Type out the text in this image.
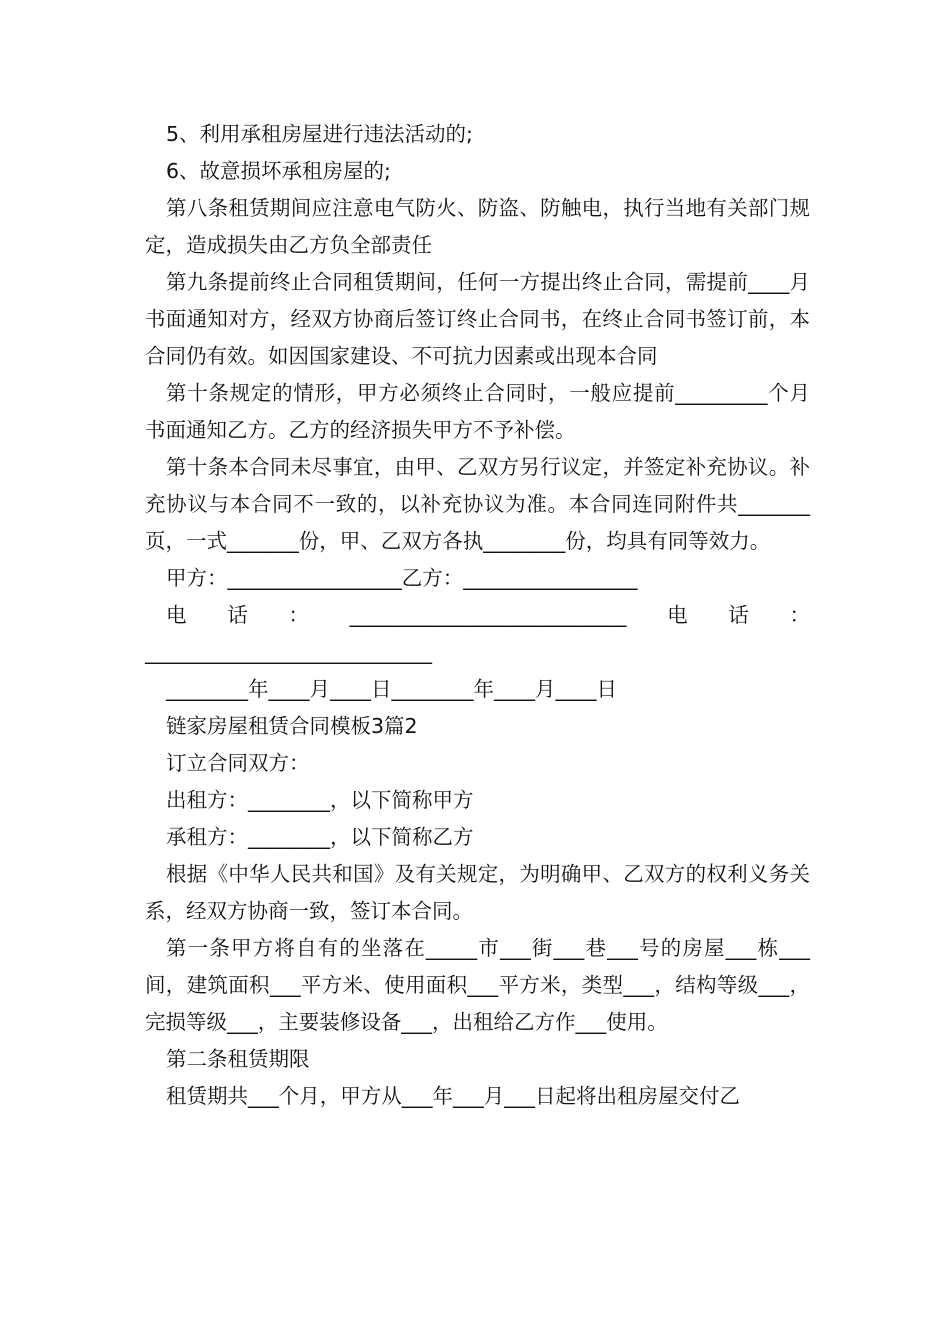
5、利用承租房屋进行违法活动的;

6、故意损坏承租房屋的;

第八条租赁期间应注意电气防火、防盗、防触电，执行当地有关部门规定，造成损失由乙方负全部责任

第九条提前终止合同租赁期间，任何一方提出终止合同，需提前____月书面通知对方，经双方协商后签订终止合同书，在终止合同书签订前，本合同仍有效。如因国家建设、不可抗力因素或出现本合同

第十条规定的情形，甲方必须终止合同时，一般应提前_________个月书面通知乙方。乙方的经济损失甲方不予补偿。

第十条本合同未尽事宜，由甲、乙双方另行议定，并签定补充协议。补充协议与本合同不一致的，以补充协议为准。本合同连同附件共_______页，一式_______份，甲、乙双方各执________份，均具有同等效力。

甲方：_________________乙方：_________________

电话：___________________________电话：____________________________

________年____月____日________年____月____日

链家房屋租赁合同模板3篇2

订立合同双方：

出租方：________，以下简称甲方

承租方：________，以下简称乙方

根据《中华人民共和国》及有关规定，为明确甲、乙双方的权利义务关系，经双方协商一致，签订本合同。

第一条甲方将自有的坐落在_____市___街___巷___号的房屋___栋___间，建筑面积___平方米、使用面积___平方米，类型___，结构等级___，完损等级___，主要装修设备___，出租给乙方作___使用。

第二条租赁期限

租赁期共___个月，甲方从___年___月___日起将出租房屋交付乙
